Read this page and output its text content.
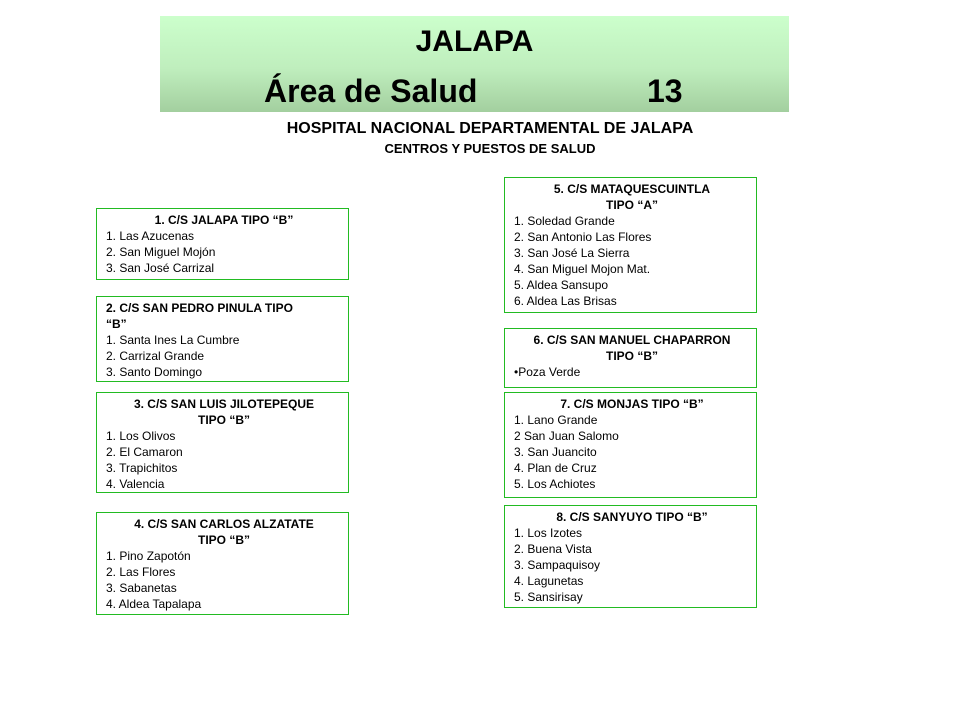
JALAPA
Área de Salud	13
HOSPITAL NACIONAL DEPARTAMENTAL DE JALAPA
CENTROS Y PUESTOS DE SALUD
1. C/S JALAPA TIPO “B”
1. Las Azucenas
2. San Miguel Mojón
3. San José Carrizal
2. C/S SAN PEDRO PINULA TIPO
“B”
1. Santa Ines La Cumbre
2. Carrizal Grande
3. Santo Domingo
3. C/S SAN LUIS JILOTEPEQUE
TIPO “B”
1. Los Olivos
2. El Camaron
3. Trapichitos
4. Valencia
4. C/S SAN CARLOS ALZATATE
TIPO “B”
1. Pino Zapotón
2. Las Flores
3. Sabanetas
4. Aldea Tapalapa
5. C/S MATAQUESCUINTLA
TIPO “A”
1. Soledad Grande
2. San Antonio Las Flores
3. San José La Sierra
4. San Miguel Mojon Mat.
5. Aldea Sansupo
6. Aldea Las Brisas
6. C/S SAN MANUEL CHAPARRON
TIPO “B”
•Poza Verde
7. C/S MONJAS TIPO “B”
1. Lano Grande
2 San Juan Salomo
3. San Juancito
4. Plan de Cruz
5. Los Achiotes
8. C/S SANYUYO TIPO “B”
1. Los Izotes
2. Buena Vista
3. Sampaquisoy
4. Lagunetas
5. Sansirisay
